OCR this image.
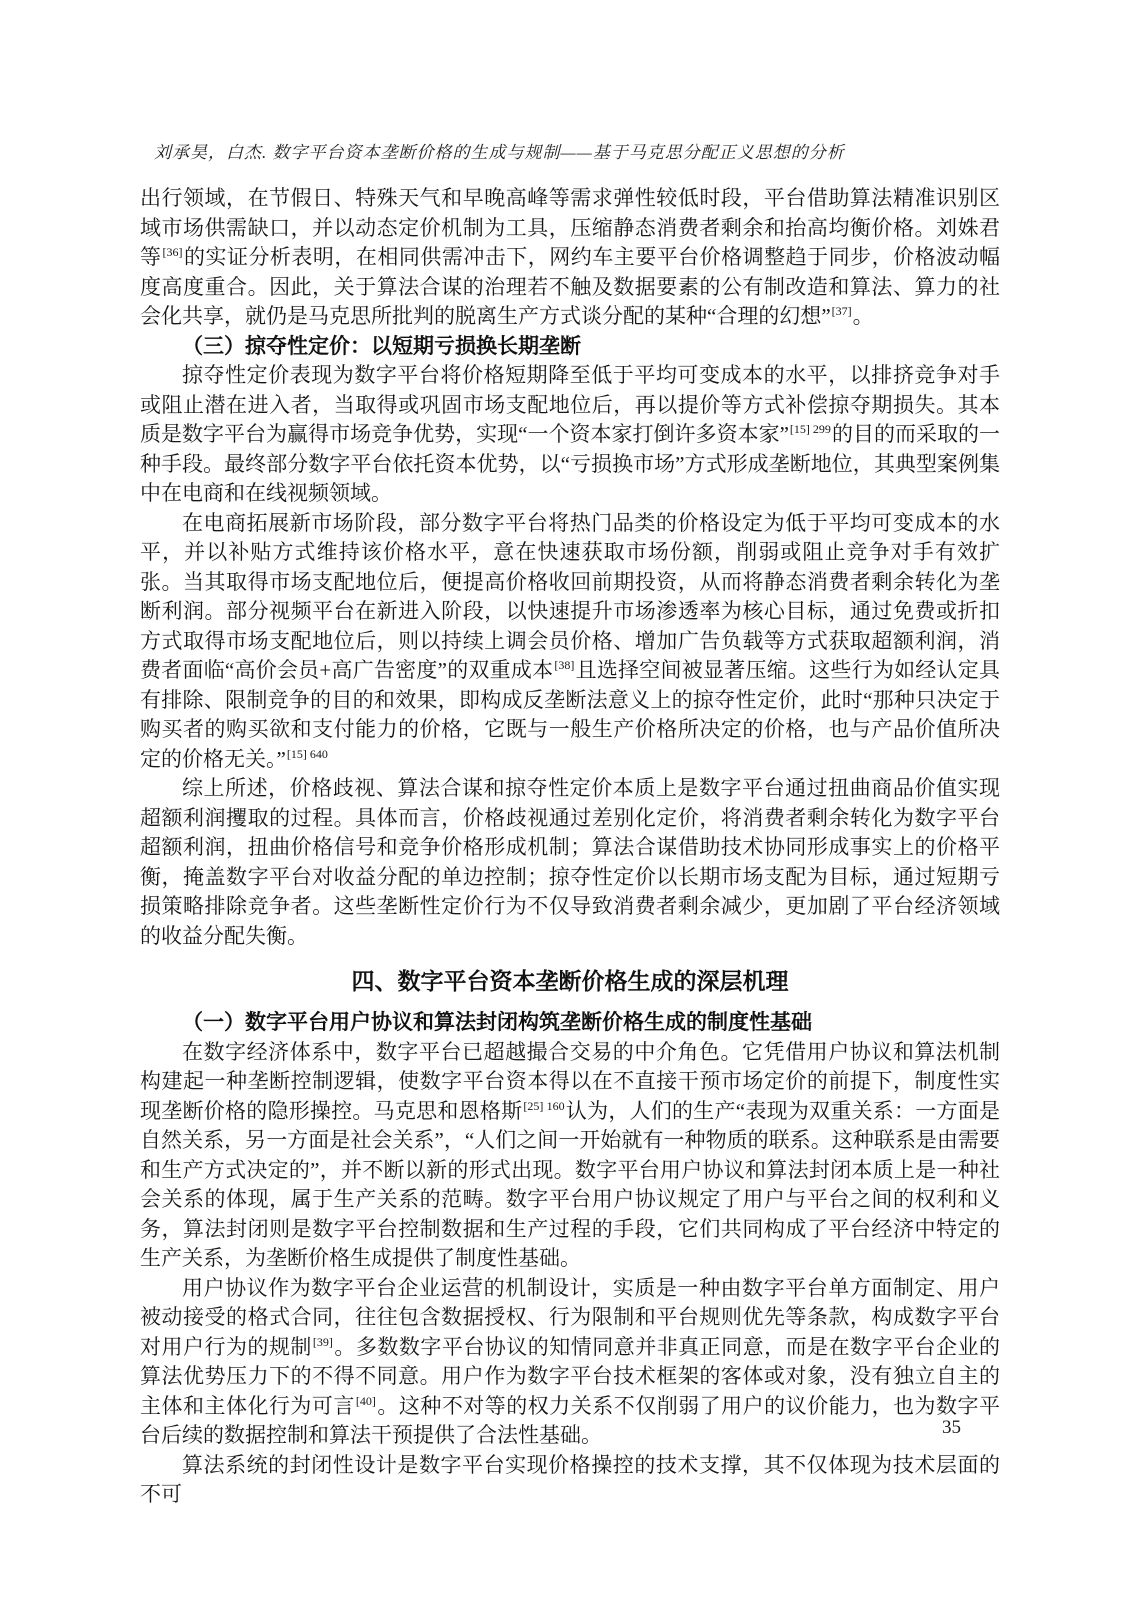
刘承昊，白杰. 数字平台资本垄断价格的生成与规制——基于马克思分配正义思想的分析

出行领域，在节假日、特殊天气和早晚高峰等需求弹性较低时段，平台借助算法精准识别区域市场供需缺口，并以动态定价机制为工具，压缩静态消费者剩余和抬高均衡价格。刘姝君等[36]的实证分析表明，在相同供需冲击下，网约车主要平台价格调整趋于同步，价格波动幅度高度重合。因此，关于算法合谋的治理若不触及数据要素的公有制改造和算法、算力的社会化共享，就仍是马克思所批判的脱离生产方式谈分配的某种“合理的幻想”[37]。

（三）掠夺性定价：以短期亏损换长期垄断

掠夺性定价表现为数字平台将价格短期降至低于平均可变成本的水平，以排挤竞争对手或阻止潜在进入者，当取得或巩固市场支配地位后，再以提价等方式补偿掠夺期损失。其本质是数字平台为赢得市场竞争优势，实现“一个资本家打倒许多资本家”$^{[15] 299}$的目的而采取的一种手段。最终部分数字平台依托资本优势，以“亏损换市场”方式形成垄断地位，其典型案例集中在电商和在线视频领域。

在电商拓展新市场阶段，部分数字平台将热门品类的价格设定为低于平均可变成本的水平，并以补贴方式维持该价格水平，意在快速获取市场份额，削弱或阻止竞争对手有效扩张。当其取得市场支配地位后，便提高价格收回前期投资，从而将静态消费者剩余转化为垄断利润。部分视频平台在新进入阶段，以快速提升市场渗透率为核心目标，通过免费或折扣方式取得市场支配地位后，则以持续上调会员价格、增加广告负载等方式获取超额利润，消费者面临“高价会员+高广告密度”的双重成本[38]且选择空间被显著压缩。这些行为如经认定具有排除、限制竞争的目的和效果，即构成反垄断法意义上的掠夺性定价，此时“那种只决定于购买者的购买欲和支付能力的价格，它既与一般生产价格所决定的价格，也与产品价值所决定的价格无关。”$^{[15] 640}$

综上所述，价格歧视、算法合谋和掠夺性定价本质上是数字平台通过扭曲商品价值实现超额利润攫取的过程。具体而言，价格歧视通过差别化定价，将消费者剩余转化为数字平台超额利润，扭曲价格信号和竞争价格形成机制；算法合谋借助技术协同形成事实上的价格平衡，掩盖数字平台对收益分配的单边控制；掠夺性定价以长期市场支配为目标，通过短期亏损策略排除竞争者。这些垄断性定价行为不仅导致消费者剩余减少，更加剧了平台经济领域的收益分配失衡。

四、数字平台资本垄断价格生成的深层机理
（一）数字平台用户协议和算法封闭构筑垄断价格生成的制度性基础

在数字经济体系中，数字平台已超越撮合交易的中介角色。它凭借用户协议和算法机制构建起一种垄断控制逻辑，使数字平台资本得以在不直接干预市场定价的前提下，制度性实现垄断价格的隐形操控。马克思和恩格斯$^{[25] 160}$认为，人们的生产“表现为双重关系：一方面是自然关系，另一方面是社会关系”，“人们之间一开始就有一种物质的联系。这种联系是由需要和生产方式决定的”，并不断以新的形式出现。数字平台用户协议和算法封闭本质上是一种社会关系的体现，属于生产关系的范畴。数字平台用户协议规定了用户与平台之间的权利和义务，算法封闭则是数字平台控制数据和生产过程的手段，它们共同构成了平台经济中特定的生产关系，为垄断价格生成提供了制度性基础。

用户协议作为数字平台企业运营的机制设计，实质是一种由数字平台单方面制定、用户被动接受的格式合同，往往包含数据授权、行为限制和平台规则优先等条款，构成数字平台对用户行为的规制[39]。多数数字平台协议的知情同意并非真正同意，而是在数字平台企业的算法优势压力下的不得不同意。用户作为数字平台技术框架的客体或对象，没有独立自主的主体和主体化行为可言[40]。这种不对等的权力关系不仅削弱了用户的议价能力，也为数字平台后续的数据控制和算法干预提供了合法性基础。

算法系统的封闭性设计是数字平台实现价格操控的技术支撑，其不仅体现为技术层面的不可

35
